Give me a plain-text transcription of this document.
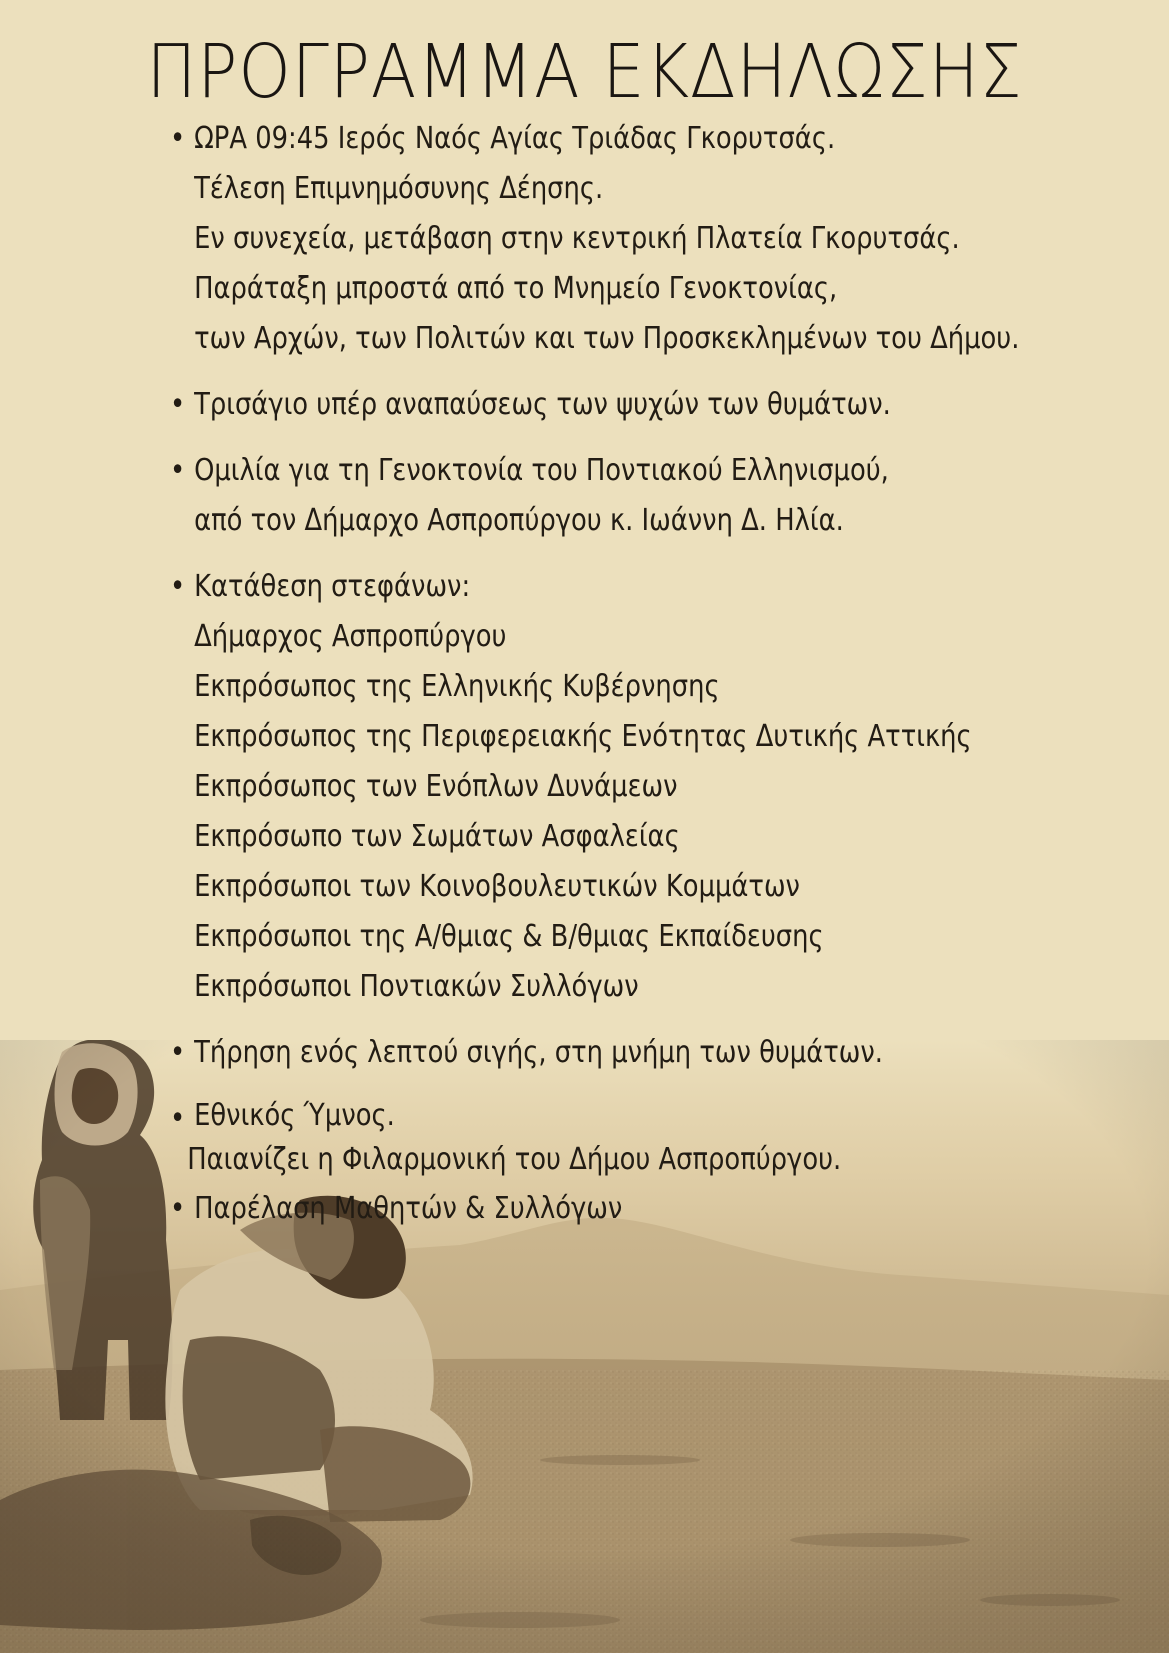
ΠΡΟΓΡΑΜΜΑ ΕΚΔΗΛΩΣΗΣ
• ΩΡΑ 09:45 Ιερός Ναός Αγίας Τριάδας Γκορυτσάς.
Τέλεση Επιμνημόσυνης Δέησης.
Εν συνεχεία, μετάβαση στην κεντρική Πλατεία Γκορυτσάς.
Παράταξη μπροστά από το Μνημείο Γενοκτονίας,
των Αρχών, των Πολιτών και των Προσκεκλημένων του Δήμου.
• Τρισάγιο υπέρ αναπαύσεως των ψυχών των θυμάτων.
• Ομιλία για τη Γενοκτονία του Ποντιακού Ελληνισμού,
από τον Δήμαρχο Ασπροπύργου κ. Ιωάννη Δ. Ηλία.
• Κατάθεση στεφάνων:
Δήμαρχος Ασπροπύργου
Εκπρόσωπος της Ελληνικής Κυβέρνησης
Εκπρόσωπος της Περιφερειακής Ενότητας Δυτικής Αττικής
Εκπρόσωπος των Ενόπλων Δυνάμεων
Εκπρόσωπο των Σωμάτων Ασφαλείας
Εκπρόσωποι των Κοινοβουλευτικών Κομμάτων
Εκπρόσωποι της Α/θμιας & Β/θμιας Εκπαίδευσης
Εκπρόσωποι Ποντιακών Συλλόγων
• Τήρηση ενός λεπτού σιγής, στη μνήμη των θυμάτων.
• Εθνικός Ύμνος.
Παιανίζει η Φιλαρμονική του Δήμου Ασπροπύργου.
• Παρέλαση Μαθητών & Συλλόγων
